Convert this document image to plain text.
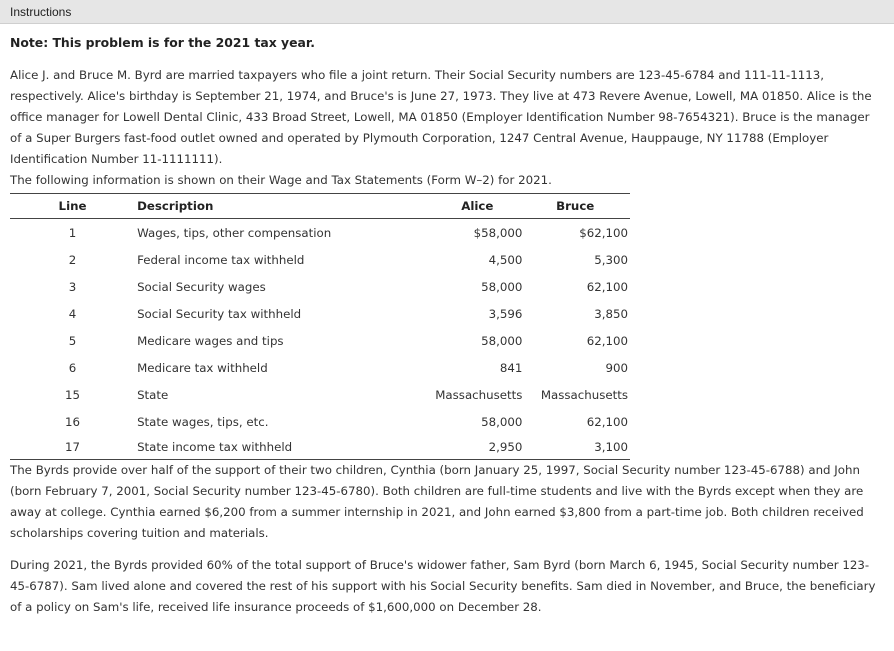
Instructions
Note: This problem is for the 2021 tax year.

Alice J. and Bruce M. Byrd are married taxpayers who file a joint return. Their Social Security numbers are 123-45-6784 and 111-11-1113, respectively. Alice's birthday is September 21, 1974, and Bruce's is June 27, 1973. They live at 473 Revere Avenue, Lowell, MA 01850. Alice is the office manager for Lowell Dental Clinic, 433 Broad Street, Lowell, MA 01850 (Employer Identification Number 98-7654321). Bruce is the manager of a Super Burgers fast-food outlet owned and operated by Plymouth Corporation, 1247 Central Avenue, Hauppauge, NY 11788 (Employer Identification Number 11-1111111).

The following information is shown on their Wage and Tax Statements (Form W–2) for 2021.

Line	Description	Alice	Bruce
1	Wages, tips, other compensation	$58,000	$62,100
2	Federal income tax withheld	4,500	5,300
3	Social Security wages	58,000	62,100
4	Social Security tax withheld	3,596	3,850
5	Medicare wages and tips	58,000	62,100
6	Medicare tax withheld	841	900
15	State	Massachusetts	Massachusetts
16	State wages, tips, etc.	58,000	62,100
17	State income tax withheld	2,950	3,100

The Byrds provide over half of the support of their two children, Cynthia (born January 25, 1997, Social Security number 123-45-6788) and John (born February 7, 2001, Social Security number 123-45-6780). Both children are full-time students and live with the Byrds except when they are away at college. Cynthia earned $6,200 from a summer internship in 2021, and John earned $3,800 from a part-time job. Both children received scholarships covering tuition and materials.

During 2021, the Byrds provided 60% of the total support of Bruce's widower father, Sam Byrd (born March 6, 1945, Social Security number 123-45-6787). Sam lived alone and covered the rest of his support with his Social Security benefits. Sam died in November, and Bruce, the beneficiary of a policy on Sam's life, received life insurance proceeds of $1,600,000 on December 28.
